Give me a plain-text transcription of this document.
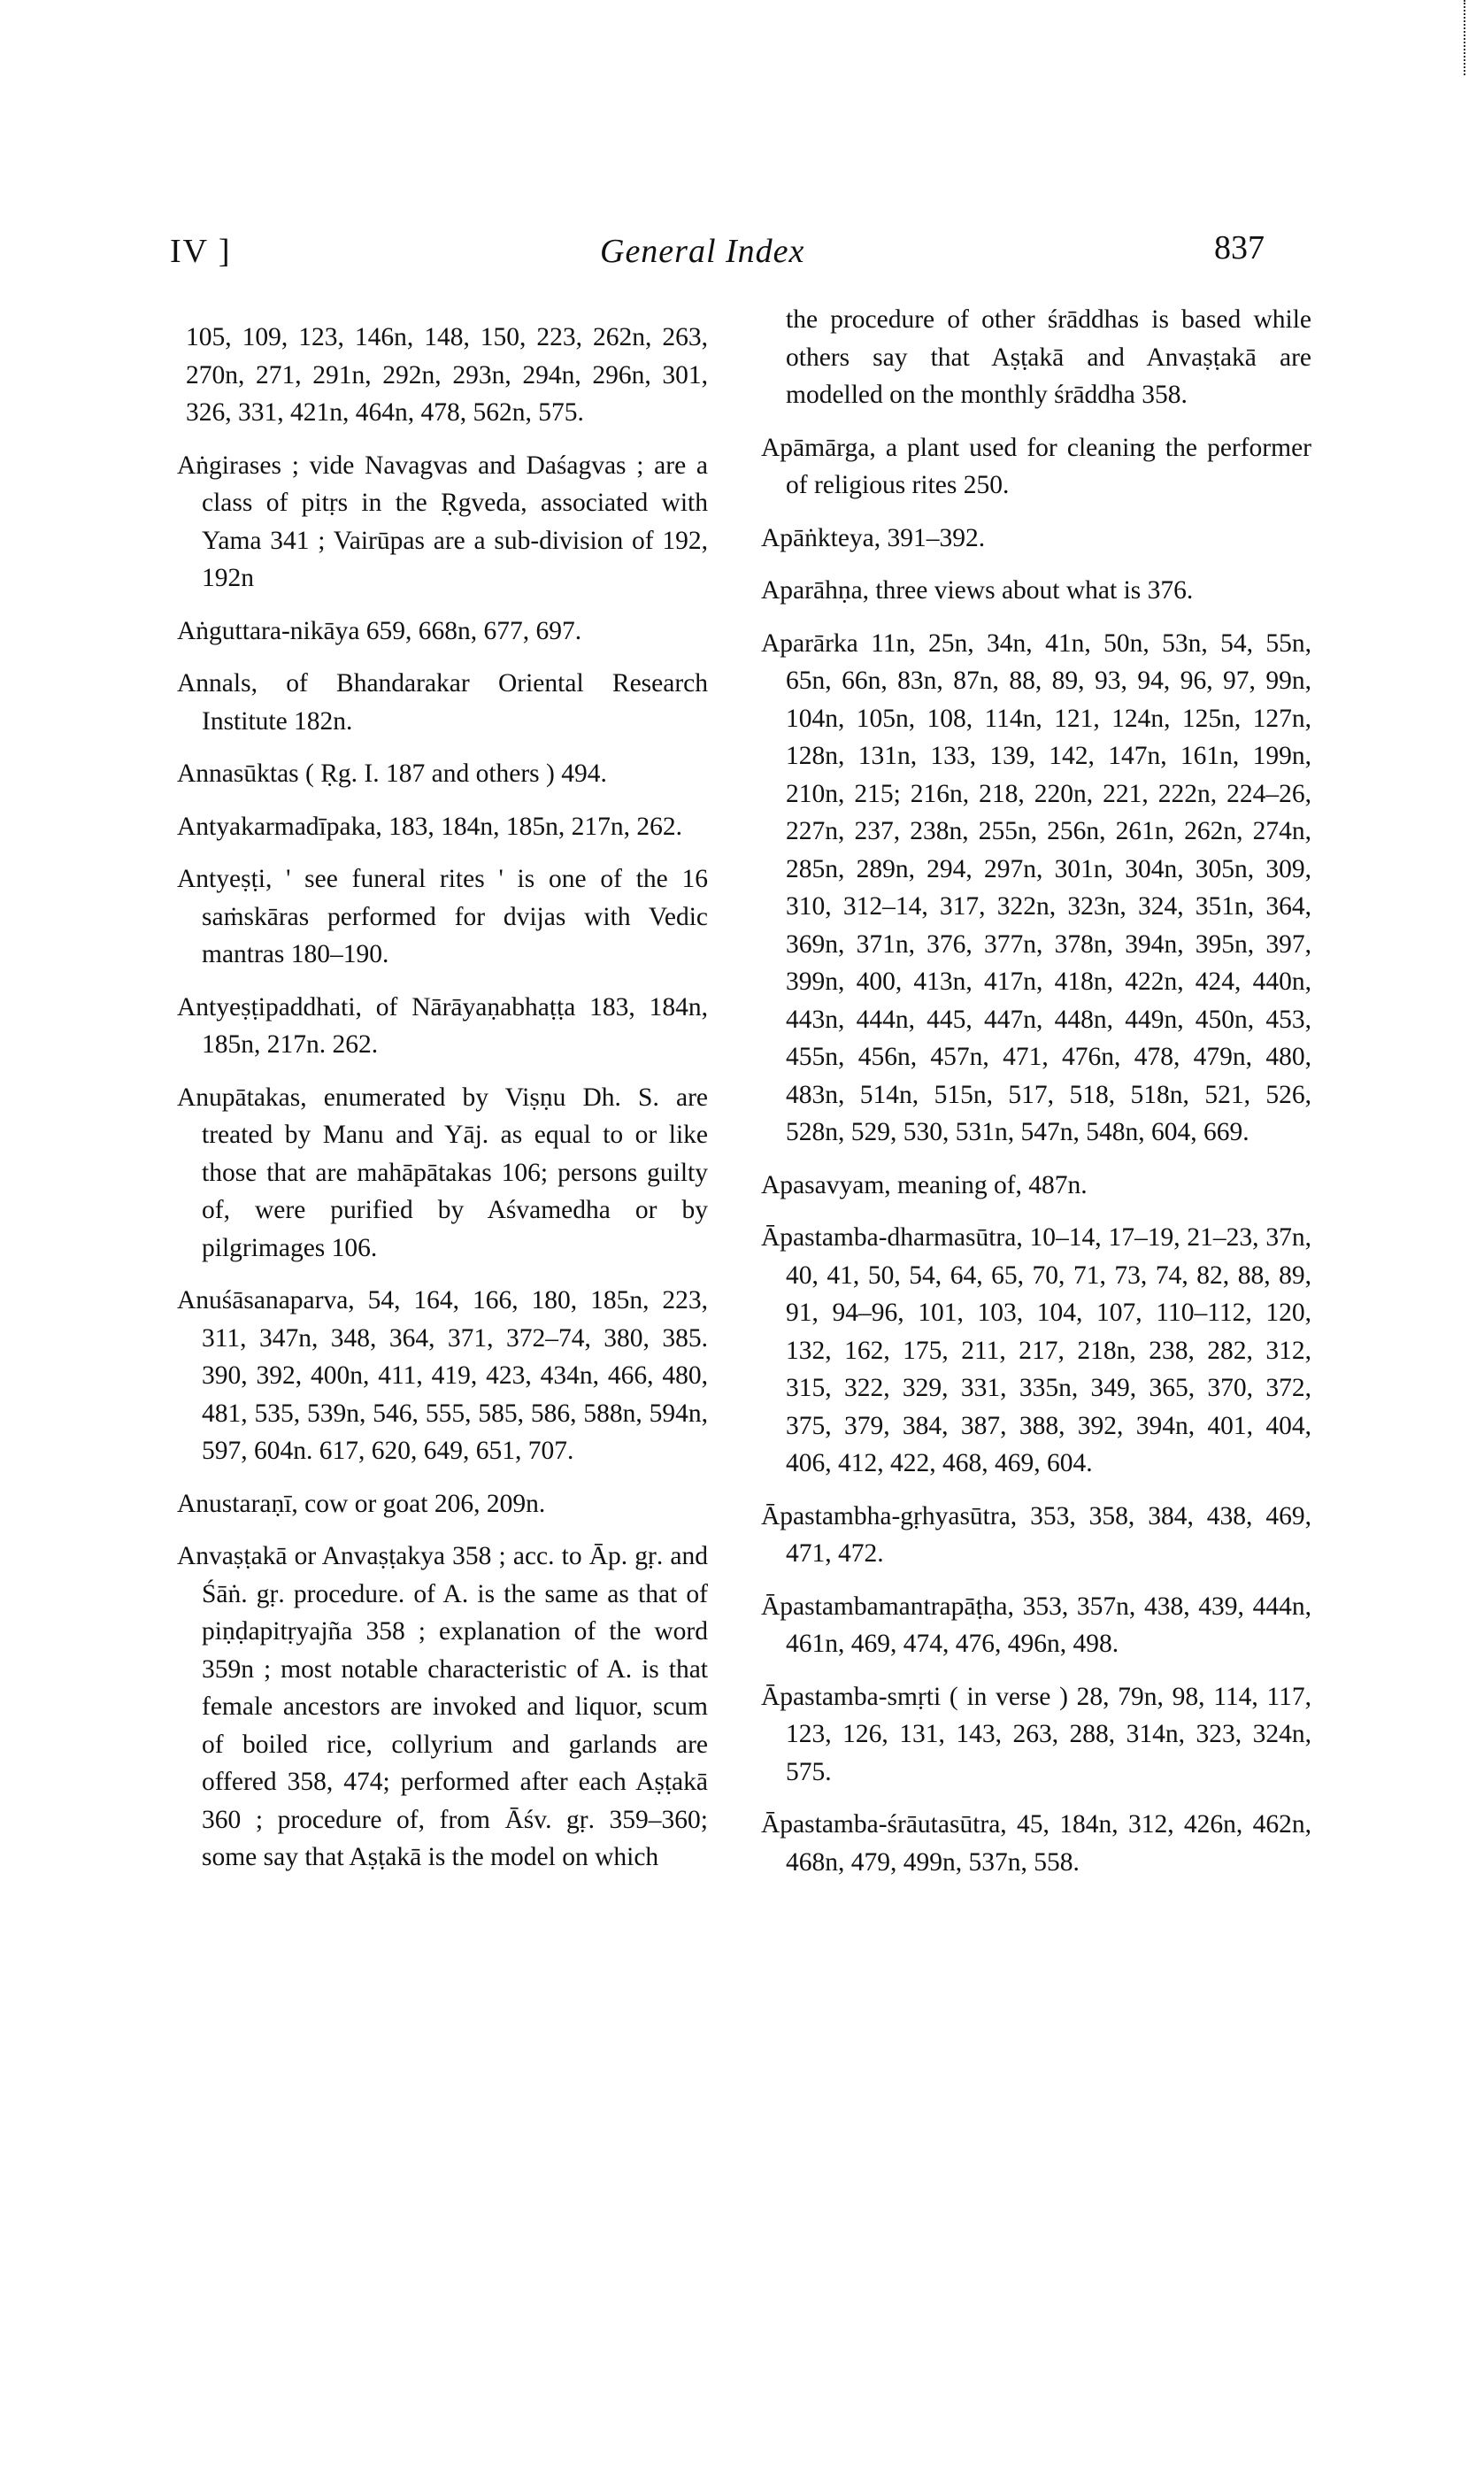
IV ]	General Index	837

105, 109, 123, 146n, 148, 150, 223, 262n, 263, 270n, 271, 291n, 292n, 293n, 294n, 296n, 301, 326, 331, 421n, 464n, 478, 562n, 575.

Aṅgirases ; vide Navagvas and Daśagvas ; are a class of pitṛs in the Ṛgveda, associated with Yama 341 ; Vairūpas are a sub-division of 192, 192n

Aṅguttara-nikāya 659, 668n, 677, 697.

Annals, of Bhandarakar Oriental Research Institute 182n.

Annasūktas ( Ṛg. I. 187 and others ) 494.

Antyakarmadīpaka, 183, 184n, 185n, 217n, 262.

Antyeṣṭi, ' see funeral rites ' is one of the 16 saṁskāras performed for dvijas with Vedic mantras 180–190.

Antyeṣṭipaddhati, of Nārāyaṇabhaṭṭa 183, 184n, 185n, 217n. 262.

Anupātakas, enumerated by Viṣṇu Dh. S. are treated by Manu and Yāj. as equal to or like those that are mahāpātakas 106; persons guilty of, were purified by Aśvamedha or by pilgrimages 106.

Anuśāsanaparva, 54, 164, 166, 180, 185n, 223, 311, 347n, 348, 364, 371, 372–74, 380, 385. 390, 392, 400n, 411, 419, 423, 434n, 466, 480, 481, 535, 539n, 546, 555, 585, 586, 588n, 594n, 597, 604n. 617, 620, 649, 651, 707.

Anustaraṇī, cow or goat 206, 209n.

Anvaṣṭakā or Anvaṣṭakya 358 ; acc. to Āp. gṛ. and Śāṅ. gṛ. procedure. of A. is the same as that of piṇḍapitṛyajña 358 ; explanation of the word 359n ; most notable characteristic of A. is that female ancestors are invoked and liquor, scum of boiled rice, collyrium and garlands are offered 358, 474; performed after each Aṣṭakā 360 ; procedure of, from Āśv. gṛ. 359–360; some say that Aṣṭakā is the model on which

the procedure of other śrāddhas is based while others say that Aṣṭakā and Anvaṣṭakā are modelled on the monthly śrāddha 358.

Apāmārga, a plant used for cleaning the performer of religious rites 250.

Apāṅkteya, 391–392.

Aparāhṇa, three views about what is 376.

Aparārka 11n, 25n, 34n, 41n, 50n, 53n, 54, 55n, 65n, 66n, 83n, 87n, 88, 89, 93, 94, 96, 97, 99n, 104n, 105n, 108, 114n, 121, 124n, 125n, 127n, 128n, 131n, 133, 139, 142, 147n, 161n, 199n, 210n, 215; 216n, 218, 220n, 221, 222n, 224–26, 227n, 237, 238n, 255n, 256n, 261n, 262n, 274n, 285n, 289n, 294, 297n, 301n, 304n, 305n, 309, 310, 312–14, 317, 322n, 323n, 324, 351n, 364, 369n, 371n, 376, 377n, 378n, 394n, 395n, 397, 399n, 400, 413n, 417n, 418n, 422n, 424, 440n, 443n, 444n, 445, 447n, 448n, 449n, 450n, 453, 455n, 456n, 457n, 471, 476n, 478, 479n, 480, 483n, 514n, 515n, 517, 518, 518n, 521, 526, 528n, 529, 530, 531n, 547n, 548n, 604, 669.

Apasavyam, meaning of, 487n.

Āpastamba-dharmasūtra, 10–14, 17–19, 21–23, 37n, 40, 41, 50, 54, 64, 65, 70, 71, 73, 74, 82, 88, 89, 91, 94–96, 101, 103, 104, 107, 110–112, 120, 132, 162, 175, 211, 217, 218n, 238, 282, 312, 315, 322, 329, 331, 335n, 349, 365, 370, 372, 375, 379, 384, 387, 388, 392, 394n, 401, 404, 406, 412, 422, 468, 469, 604.

Āpastambha-gṛhyasūtra, 353, 358, 384, 438, 469, 471, 472.

Āpastambamantrapāṭha, 353, 357n, 438, 439, 444n, 461n, 469, 474, 476, 496n, 498.

Āpastamba-smṛti ( in verse ) 28, 79n, 98, 114, 117, 123, 126, 131, 143, 263, 288, 314n, 323, 324n, 575.

Āpastamba-śrāutasūtra, 45, 184n, 312, 426n, 462n, 468n, 479, 499n, 537n, 558.
